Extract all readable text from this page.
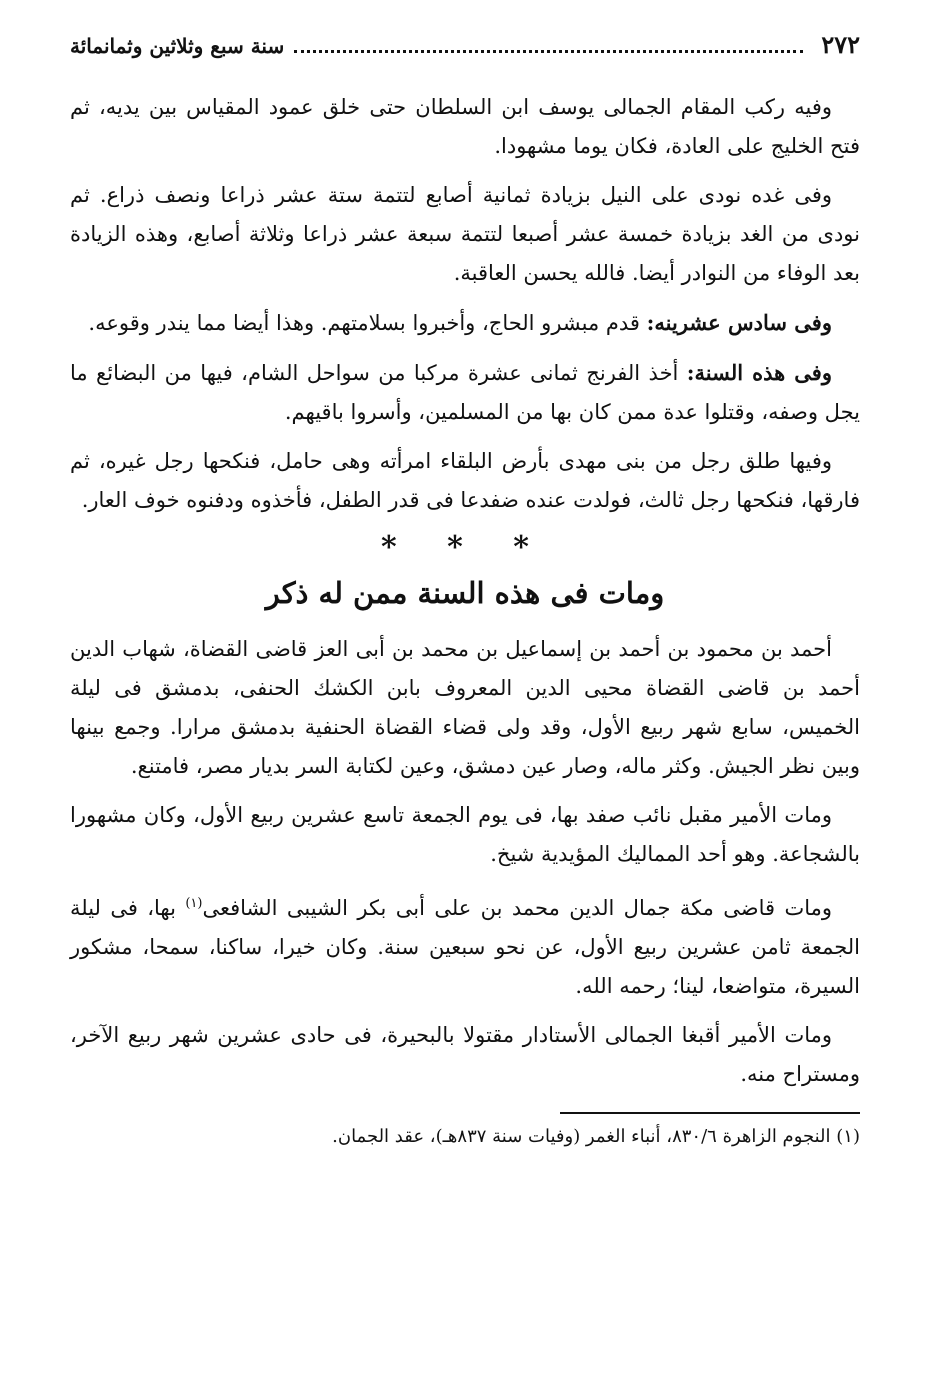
٢٧٢
سنة سبع وثلاثين وثمانمائة

وفيه ركب المقام الجمالى يوسف ابن السلطان حتى خلق عمود المقياس بين يديه، ثم فتح الخليج على العادة، فكان يوما مشهودا.

وفى غده نودى على النيل بزيادة ثمانية أصابع لتتمة ستة عشر ذراعا ونصف ذراع. ثم نودى من الغد بزيادة خمسة عشر أصبعا لتتمة سبعة عشر ذراعا وثلاثة أصابع، وهذه الزيادة بعد الوفاء من النوادر أيضا. فالله يحسن العاقبة.

وفى سادس عشرينه: قدم مبشرو الحاج، وأخبروا بسلامتهم. وهذا أيضا مما يندر وقوعه.

وفى هذه السنة: أخذ الفرنج ثمانى عشرة مركبا من سواحل الشام، فيها من البضائع ما يجل وصفه، وقتلوا عدة ممن كان بها من المسلمين، وأسروا باقيهم.

وفيها طلق رجل من بنى مهدى بأرض البلقاء امرأته وهى حامل، فنكحها رجل غيره، ثم فارقها، فنكحها رجل ثالث، فولدت عنده ضفدعا فى قدر الطفل، فأخذوه ودفنوه خوف العار.

* * *
ومات فى هذه السنة ممن له ذكر

أحمد بن محمود بن أحمد بن إسماعيل بن محمد بن أبى العز قاضى القضاة، شهاب الدين أحمد بن قاضى القضاة محيى الدين المعروف بابن الكشك الحنفى، بدمشق فى ليلة الخميس، سابع شهر ربيع الأول، وقد ولى قضاء القضاة الحنفية بدمشق مرارا. وجمع بينها وبين نظر الجيش. وكثر ماله، وصار عين دمشق، وعين لكتابة السر بديار مصر، فامتنع.

ومات الأمير مقبل نائب صفد بها، فى يوم الجمعة تاسع عشرين ربيع الأول، وكان مشهورا بالشجاعة. وهو أحد المماليك المؤيدية شيخ.

ومات قاضى مكة جمال الدين محمد بن على أبى بكر الشيبى الشافعى$^{(١)}$ بها، فى ليلة الجمعة ثامن عشرين ربيع الأول، عن نحو سبعين سنة. وكان خيرا، ساكنا، سمحا، مشكور السيرة، متواضعا، لينا؛ رحمه الله.

ومات الأمير أقبغا الجمالى الأستادار مقتولا بالبحيرة، فى حادى عشرين شهر ربيع الآخر، ومستراح منه.

(١) النجوم الزاهرة ٨٣٠/٦، أنباء الغمر (وفيات سنة ٨٣٧هـ)، عقد الجمان.
